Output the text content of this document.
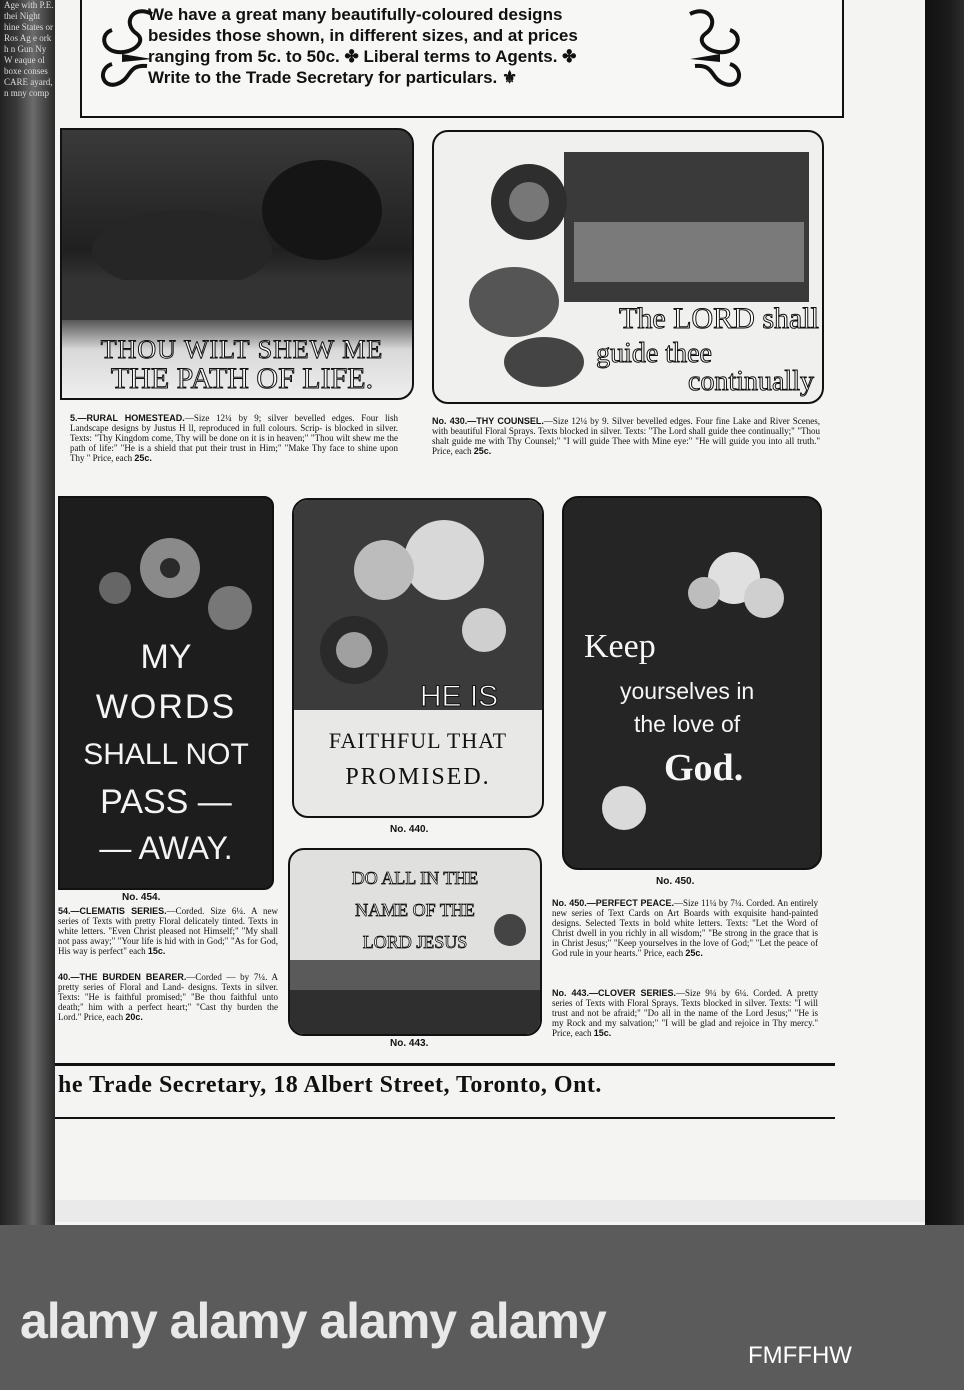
Age with P.E. thei Night hine States or Ros Ag e ork h n Gun Ny W eaque ol boxe conses CARE ayard, n mny comp
We have a great many beautifully-coloured designs besides those shown, in different sizes, and at prices ranging from 5c. to 50c. ✤ Liberal terms to Agents. ✤ Write to the Trade Secretary for particulars. ⚜
THOU WILT SHEW ME
THE PATH OF LIFE.
5.—RURAL HOMESTEAD.—Size 12¼ by 9; silver bevelled edges. Four lish Landscape designs by Justus H ll, reproduced in full colours. Scrip- is blocked in silver. Texts: "Thy Kingdom come, Thy will be done on it is in heaven;" "Thou wilt shew me the path of life:" "He is a shield that put their trust in Him;" "Make Thy face to shine upon Thy " Price, each 25c.
The LORD shall
guide thee
continually
No. 430.—THY COUNSEL.—Size 12¼ by 9. Silver bevelled edges. Four fine Lake and River Scenes, with beautiful Floral Sprays. Texts blocked in silver. Texts: "The Lord shall guide thee continually;" "Thou shalt guide me with Thy Counsel;" "I will guide Thee with Mine eye:" "He will guide you into all truth." Price, each 25c.
MY
WORDS
SHALL NOT
PASS —
— AWAY.
No. 454.
54.—CLEMATIS SERIES.—Corded. Size 6¼. A new series of Texts with pretty Floral delicately tinted. Texts in white letters. "Even Christ pleased not Himself;" "My shall not pass away;" "Your life is hid with in God;" "As for God, His way is perfect" each 15c.
40.—THE BURDEN BEARER.—Corded — by 7¼. A pretty series of Floral and Land- designs. Texts in silver. Texts: "He is faithful promised;" "Be thou faithful unto death;" him with a perfect heart;" "Cast thy burden the Lord." Price, each 20c.
HE IS
FAITHFUL THAT
PROMISED.
No. 440.
Keep
yourselves in
the love of
God.
No. 450.
DO ALL IN THE
NAME OF THE
LORD JESUS
No. 443.
No. 450.—PERFECT PEACE.—Size 11¼ by 7¼. Corded. An entirely new series of Text Cards on Art Boards with exquisite hand-painted designs. Selected Texts in bold white letters. Texts: "Let the Word of Christ dwell in you richly in all wisdom;" "Be strong in the grace that is in Christ Jesus;" "Keep yourselves in the love of God;" "Let the peace of God rule in your hearts." Price, each 25c.
No. 443.—CLOVER SERIES.—Size 9¼ by 6¼. Corded. A pretty series of Texts with Floral Sprays. Texts blocked in silver. Texts: "I will trust and not be afraid;" "Do all in the name of the Lord Jesus;" "He is my Rock and my salvation;" "I will be glad and rejoice in Thy mercy." Price, each 15c.
he Trade Secretary, 18 Albert Street, Toronto, Ont.
alamy alamy alamy alamy
FMFFHW
